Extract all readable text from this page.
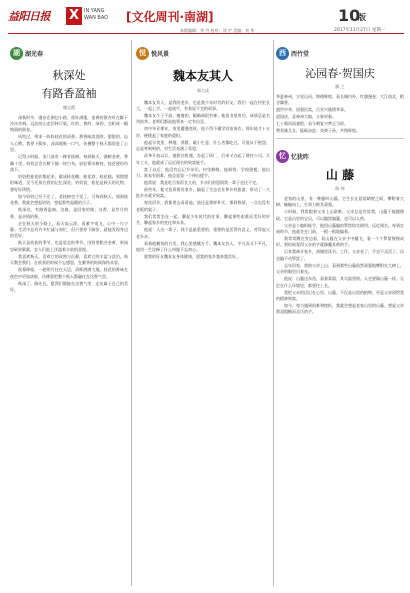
益阳日报	X IN YANG
WAN BAO [文化周刊·南湖]	10
版
本版编辑：李 丹 校对：刘 宇 美编：刘 华	2017年11月27日 星期一
湖 湖光春
秋深处
有路香盈袖
谢宝霞

深秋时节，漫步在湖边小路，落叶满地，金黄的银杏叶在脚下沙沙作响。远处的山峦层林尽染，红的、黄的、绿的，交织成一幅绚丽的画卷。

风吹过，带来一阵阵桂花的清香。那香味淡淡的、甜甜的，沁人心脾。我停下脚步，深深地吸一口气，仿佛整个秋天都装进了心里。

记得小时候，家门前有一棵老桂树。每到秋天，满树金黄，香飘十里。奶奶总会在树下铺一块白布，轻轻摇动树枝，桂花便纷纷落下。

奶奶把桂花收集起来，做成桂花糖、桂花酒、桂花糕。那甜甜的味道，至今还留在我的记忆深处。奶奶说，桂花是秋天的礼物，要好好珍惜。

如今奶奶已经不在了，老桂树也不见了。可每到秋天，闻到桂花香，我就会想起奶奶，想起那些温暖的日子。

秋深处，有路香盈袖。这路，是回家的路；这香，是岁月的香，是亲情的香。

走在秋天的小路上，看天高云淡，看雁字南飞，心中一片宁静。生活中总有许多忙碌与匆忙，但只要停下脚步，就能发现身边的美好。

秋天是收获的季节，也是思念的季节。田野里稻谷金黄，果园里硕果累累，农人们脸上洋溢着丰收的喜悦。

我喜欢秋天，喜欢它的成熟与沉静，喜欢它的丰盈与淡泊。秋天教会我们，在收获的时候不忘感恩，在繁华的时候保持从容。

夜幕降临，一轮明月挂在天边，清辉洒满大地。桂花的香味在夜色中更加浓郁，仿佛要把整个秋天都融化在这香气里。

秋深了，路还长。愿我们都能在这香气里，走出属于自己的美好。

悦 悦风景
魏本友其人
郭大成

魏本友其人，是我的老乡，也是我少年时代的好友。我们一起在村里长大，一起上学，一起放牛，有着说不完的故事。

魏本友个子不高，瘦瘦的，眼睛却很有神。他读书很用功，成绩总是名列前茅。老师们都说他将来一定有出息。

初中毕业那年，家里遭遇变故，他不得不辍学回家务农。那年他才十五岁，便挑起了家庭的重担。

他起早贪黑，种地、养猪、做小生意，什么苦都吃过。可他从不抱怨，总是笑呵呵的，对生活充满了希望。

改革开放以后，他抓住机遇，办起了砖厂，后来又办起了建材公司。几年工夫，他就成了远近闻名的致富能手。

富了以后，他没有忘记乡亲们。村里修路，他捐钱；学校建楼，他出力；谁家有困难，他总是第一个伸出援手。

他常说：我是吃百家饭长大的，乡亲们的恩情我一辈子也还不完。

前些年，他又投资建设家乡，搞起了生态农业和乡村旅游，带动了一大批乡亲就业致富。

每次回乡，我都要去看看他。他还是那样朴实，那样热情，一点也没有老板的架子。

我们常常坐在一起，聊起少年时代的往事，聊起那些艰难而美好的岁月，聊起家乡的变化和未来。

他说：人这一辈子，钱不是最重要的，重要的是活得有意义，对得起父老乡亲。

看着他鬓角的白发，我心里感慨万千。魏本友其人，平凡而又不平凡，他用一生诠释了什么叫做不忘初心。

愿我的好友魏本友身体健康，愿我的家乡越来越美好。

西 西竹堂
沁园春·贺国庆
滕 之

华夏神州，万里山河，锦绣辉煌。看长城内外，红旗漫卷；大江南北，稻谷飘香。

盛世中华，国强民富，百业兴隆谱华章。

迎国庆，喜神州大地，万象更新。

七十载风雨兼程，看今朝复兴梦正当时。

赞英雄儿女，砥砺奋进；炎黄子孙，共铸辉煌。

忆 忆犹昨
山 藤
陈 伟

老家的山里，有一种藤叫山藤。它生长在悬崖峭壁之间，攀附着大树，蜿蜒向上，生命力极其顽强。

小时候，我常跟着父亲上山砍柴。父亲总是告诉我，山藤不能随便砍，它是山里的宝贝，可以编筐编篓，也可以入药。

父亲是个编织能手，他用山藤编的箩筐结实耐用，远近闻名。每到农闲时节，他就坐在门前，一根一根地编着。

我常常蹲在旁边看，看山藤在父亲手中翻飞，看一个个箩筐慢慢成形。那时候觉得父亲的手就像魔术师的手。

后来我离开家乡，到城里读书、工作。父亲老了，手也不灵活了，再也编不动箩筐了。

去年回家，我陪父亲上山。看到那些山藤依然顽强地攀附在大树上，父亲的眼里闪着光。

他说：山藤这东西，看着柔弱，其实最坚韧。人也要像山藤一样，无论在什么环境里，都要往上长。

我把父亲的话记在心里。山藤，不仅是山里的植物，更是父亲留给我的精神财富。

如今，每当遇到困难和挫折，我就会想起老家山里的山藤，想起父亲那双粗糙而灵巧的手。
